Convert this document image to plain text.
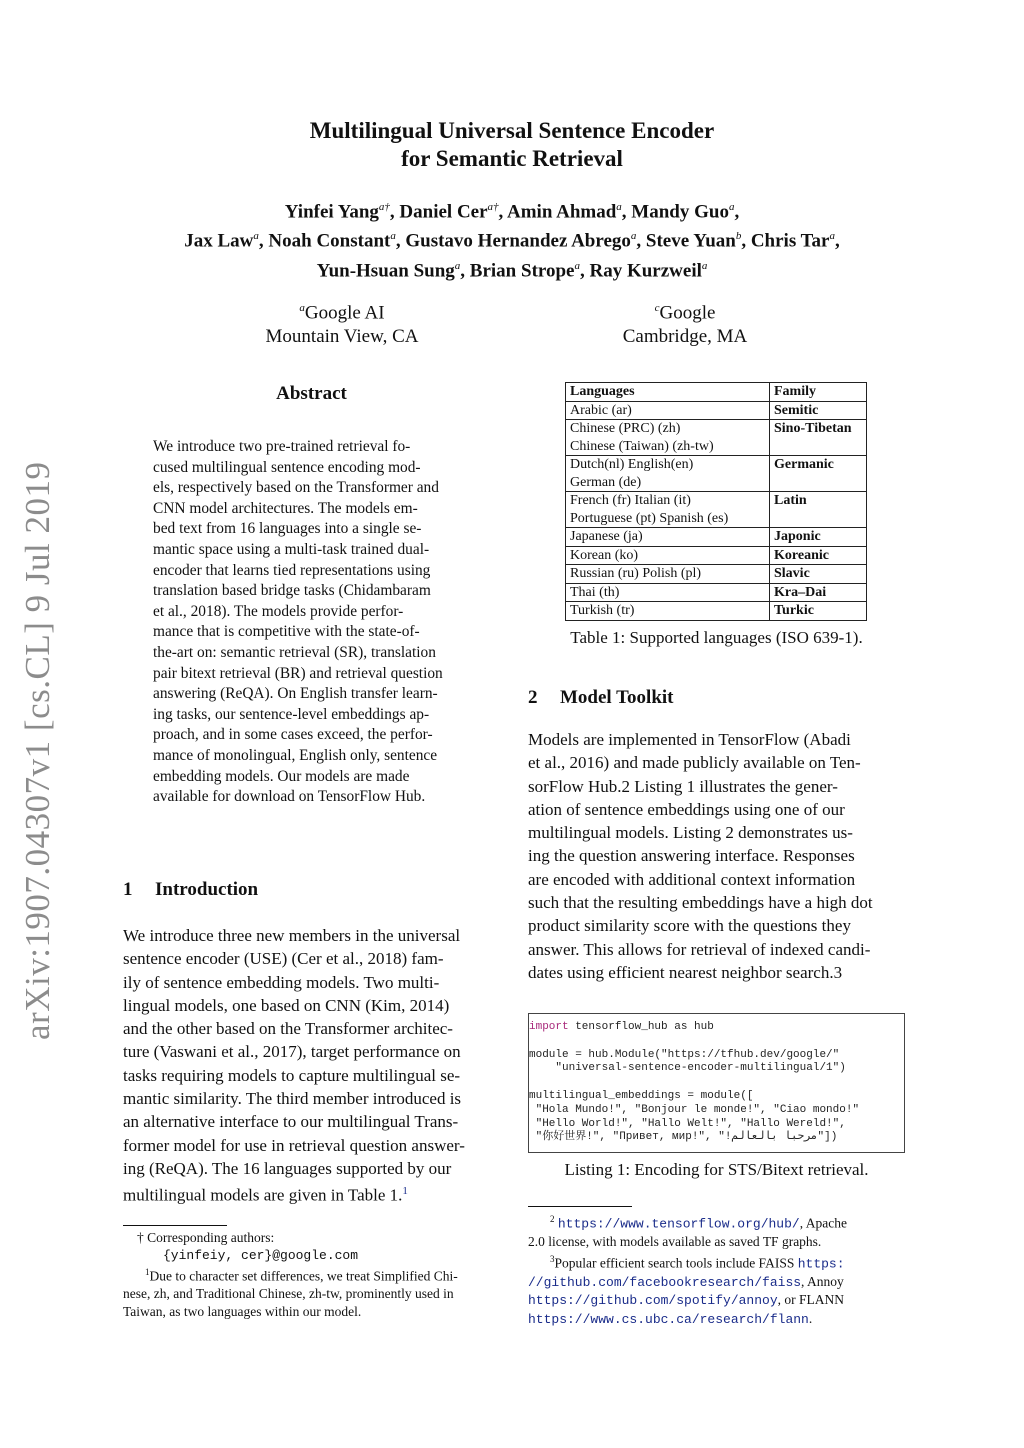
arXiv:1907.04307v1 [cs.CL] 9 Jul 2019
Multilingual Universal Sentence Encoder
for Semantic Retrieval
Yinfei Yang$^{a\dagger}$, Daniel Cer$^{a\dagger}$, Amin Ahmad$^a$, Mandy Guo$^a$,
Jax Law$^a$, Noah Constant$^a$, Gustavo Hernandez Abrego$^a$, Steve Yuan$^b$, Chris Tar$^a$,
Yun-Hsuan Sung$^a$, Brian Strope$^a$, Ray Kurzweil$^a$
$^a$Google AI
Mountain View, CA
$^c$Google
Cambridge, MA
Abstract
We introduce two pre-trained retrieval fo-
cused multilingual sentence encoding mod-
els, respectively based on the Transformer and
CNN model architectures. The models em-
bed text from 16 languages into a single se-
mantic space using a multi-task trained dual-
encoder that learns tied representations using
translation based bridge tasks (Chidambaram
et al., 2018). The models provide perfor-
mance that is competitive with the state-of-
the-art on: semantic retrieval (SR), translation
pair bitext retrieval (BR) and retrieval question
answering (ReQA). On English transfer learn-
ing tasks, our sentence-level embeddings ap-
proach, and in some cases exceed, the perfor-
mance of monolingual, English only, sentence
embedding models. Our models are made
available for download on TensorFlow Hub.
1 Introduction
We introduce three new members in the universal
sentence encoder (USE) (Cer et al., 2018) fam-
ily of sentence embedding models. Two multi-
lingual models, one based on CNN (Kim, 2014)
and the other based on the Transformer architec-
ture (Vaswani et al., 2017), target performance on
tasks requiring models to capture multilingual se-
mantic similarity. The third member introduced is
an alternative interface to our multilingual Trans-
former model for use in retrieval question answer-
ing (ReQA). The 16 languages supported by our
multilingual models are given in Table 1.$^1$
† Corresponding authors:
{yinfeiy, cer}@google.com
$^1$Due to character set differences, we treat Simplified Chi-
nese, zh, and Traditional Chinese, zh-tw, prominently used in
Taiwan, as two languages within our model.
Languages	Family

Arabic (ar)	Semitic

Chinese (PRC) (zh)
Chinese (Taiwan) (zh-tw)	Sino-Tibetan

Dutch(nl) English(en)
German (de)	Germanic

French (fr) Italian (it)
Portuguese (pt) Spanish (es)	Latin

Japanese (ja)	Japonic

Korean (ko)	Koreanic

Russian (ru) Polish (pl)	Slavic

Thai (th)	Kra–Dai

Turkish (tr)	Turkic
Table 1: Supported languages (ISO 639-1).
2 Model Toolkit
Models are implemented in TensorFlow (Abadi
et al., 2016) and made publicly available on Ten-
sorFlow Hub.2 Listing 1 illustrates the gener-
ation of sentence embeddings using one of our
multilingual models. Listing 2 demonstrates us-
ing the question answering interface. Responses
are encoded with additional context information
such that the resulting embeddings have a high dot
product similarity score with the questions they
answer. This allows for retrieval of indexed candi-
dates using efficient nearest neighbor search.3
import tensorflow_hub as hub

module = hub.Module("https://tfhub.dev/google/"
"universal-sentence-encoder-multilingual/1")

multilingual_embeddings = module([
"Hola Mundo!", "Bonjour le monde!", "Ciao mondo!"
"Hello World!", "Hallo Welt!", "Hallo Wereld!",
"你好世界!", "Привет, мир!", "!مرحبا بالعالم"])
Listing 1: Encoding for STS/Bitext retrieval.
$^2$ https://www.tensorflow.org/hub/, Apache
2.0 license, with models available as saved TF graphs.
$^3$Popular efficient search tools include FAISS https:
//github.com/facebookresearch/faiss, Annoy
https://github.com/spotify/annoy, or FLANN
https://www.cs.ubc.ca/research/flann.
